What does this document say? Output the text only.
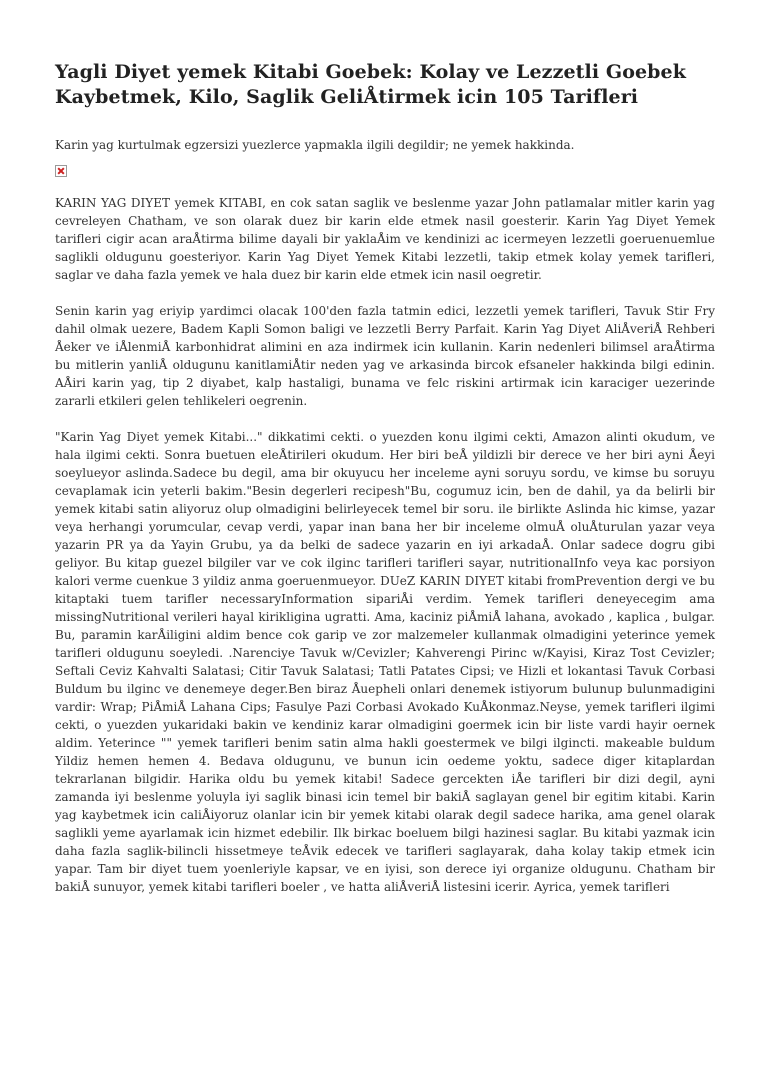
Yagli Diyet yemek Kitabi Goebek: Kolay ve Lezzetli Goebek Kaybetmek, Kilo, Saglik GeliÅtirmek icin 105 Tarifleri
Karin yag kurtulmak egzersizi yuezlerce yapmakla ilgili degildir; ne yemek hakkinda.

KARIN YAG DIYET yemek KITABI, en cok satan saglik ve beslenme yazar John patlamalar mitler karin yag cevreleyen Chatham, ve son olarak duez bir karin elde etmek nasil goesterir. Karin Yag Diyet Yemek tarifleri cigir acan araÅtirma bilime dayali bir yaklaÅim ve kendinizi ac icermeyen lezzetli goeruenuemlue saglikli oldugunu goesteriyor. Karin Yag Diyet Yemek Kitabi lezzetli, takip etmek kolay yemek tarifleri, saglar ve daha fazla yemek ve hala duez bir karin elde etmek icin nasil oegretir.

Senin karin yag eriyip yardimci olacak 100'den fazla tatmin edici, lezzetli yemek tarifleri, Tavuk Stir Fry dahil olmak uezere, Badem Kapli Somon baligi ve lezzetli Berry Parfait. Karin Yag Diyet AliÅveriÅ Rehberi Åeker ve iÅlenmiÅ karbonhidrat alimini en aza indirmek icin kullanin. Karin nedenleri bilimsel araÅtirma bu mitlerin yanliÅ oldugunu kanitlamiÅtir neden yag ve arkasinda bircok efsaneler hakkinda bilgi edinin. AÅiri karin yag, tip 2 diyabet, kalp hastaligi, bunama ve felc riskini artirmak icin karaciger uezerinde zararli etkileri gelen tehlikeleri oegrenin.

"Karin Yag Diyet yemek Kitabi..." dikkatimi cekti. o yuezden konu ilgimi cekti, Amazon alinti okudum, ve hala ilgimi cekti. Sonra buetuen eleÅtirileri okudum. Her biri beÅ yildizli bir derece ve her biri ayni Åeyi soeylueyor aslinda.Sadece bu degil, ama bir okuyucu her inceleme ayni soruyu sordu, ve kimse bu soruyu cevaplamak icin yeterli bakim."Besin degerleri recipesh"Bu, cogumuz icin, ben de dahil, ya da belirli bir yemek kitabi satin aliyoruz olup olmadigini belirleyecek temel bir soru. ile birlikte Aslinda hic kimse, yazar veya herhangi yorumcular, cevap verdi, yapar inan bana her bir inceleme olmuÅ oluÅturulan yazar veya yazarin PR ya da Yayin Grubu, ya da belki de sadece yazarin en iyi arkadaÅ. Onlar sadece dogru gibi geliyor. Bu kitap guezel bilgiler var ve cok ilginc tarifleri tarifleri sayar, nutritionalInfo veya kac porsiyon kalori verme cuenkue 3 yildiz anma goeruenmueyor. DUeZ KARIN DIYET kitabi fromPrevention dergi ve bu kitaptaki tuem tarifler necessaryInformation sipariÅi verdim. Yemek tarifleri deneyecegim ama missingNutritional verileri hayal kirikligina ugratti. Ama, kaciniz piÅmiÅ lahana, avokado , kaplica , bulgar. Bu, paramin karÅiligini aldim bence cok garip ve zor malzemeler kullanmak olmadigini yeterince yemek tarifleri oldugunu soeyledi. .Narenciye Tavuk w/Cevizler; Kahverengi Pirinc w/Kayisi, Kiraz Tost Cevizler; Seftali Ceviz Kahvalti Salatasi; Citir Tavuk Salatasi; Tatli Patates Cipsi; ve Hizli et lokantasi Tavuk Corbasi Buldum bu ilginc ve denemeye deger.Ben biraz Åuepheli onlari denemek istiyorum bulunup bulunmadigini vardir: Wrap; PiÅmiÅ Lahana Cips; Fasulye Pazi Corbasi Avokado KuÅkonmaz.Neyse, yemek tarifleri ilgimi cekti, o yuezden yukaridaki bakin ve kendiniz karar olmadigini goermek icin bir liste vardi hayir oernek aldim. Yeterince "" yemek tarifleri benim satin alma hakli goestermek ve bilgi ilgincti. makeable buldum Yildiz hemen hemen 4. Bedava oldugunu, ve bunun icin oedeme yoktu, sadece diger kitaplardan tekrarlanan bilgidir. Harika oldu bu yemek kitabi! Sadece gercekten iÅe tarifleri bir dizi degil, ayni zamanda iyi beslenme yoluyla iyi saglik binasi icin temel bir bakiÅ saglayan genel bir egitim kitabi. Karin yag kaybetmek icin caliÅiyoruz olanlar icin bir yemek kitabi olarak degil sadece harika, ama genel olarak saglikli yeme ayarlamak icin hizmet edebilir. Ilk birkac boeluem bilgi hazinesi saglar. Bu kitabi yazmak icin daha fazla saglik-bilincli hissetmeye teÅvik edecek ve tarifleri saglayarak, daha kolay takip etmek icin yapar. Tam bir diyet tuem yoenleriyle kapsar, ve en iyisi, son derece iyi organize oldugunu. Chatham bir bakiÅ sunuyor, yemek kitabi tarifleri boeler , ve hatta aliÅveriÅ listesini icerir. Ayrica, yemek tarifleri
